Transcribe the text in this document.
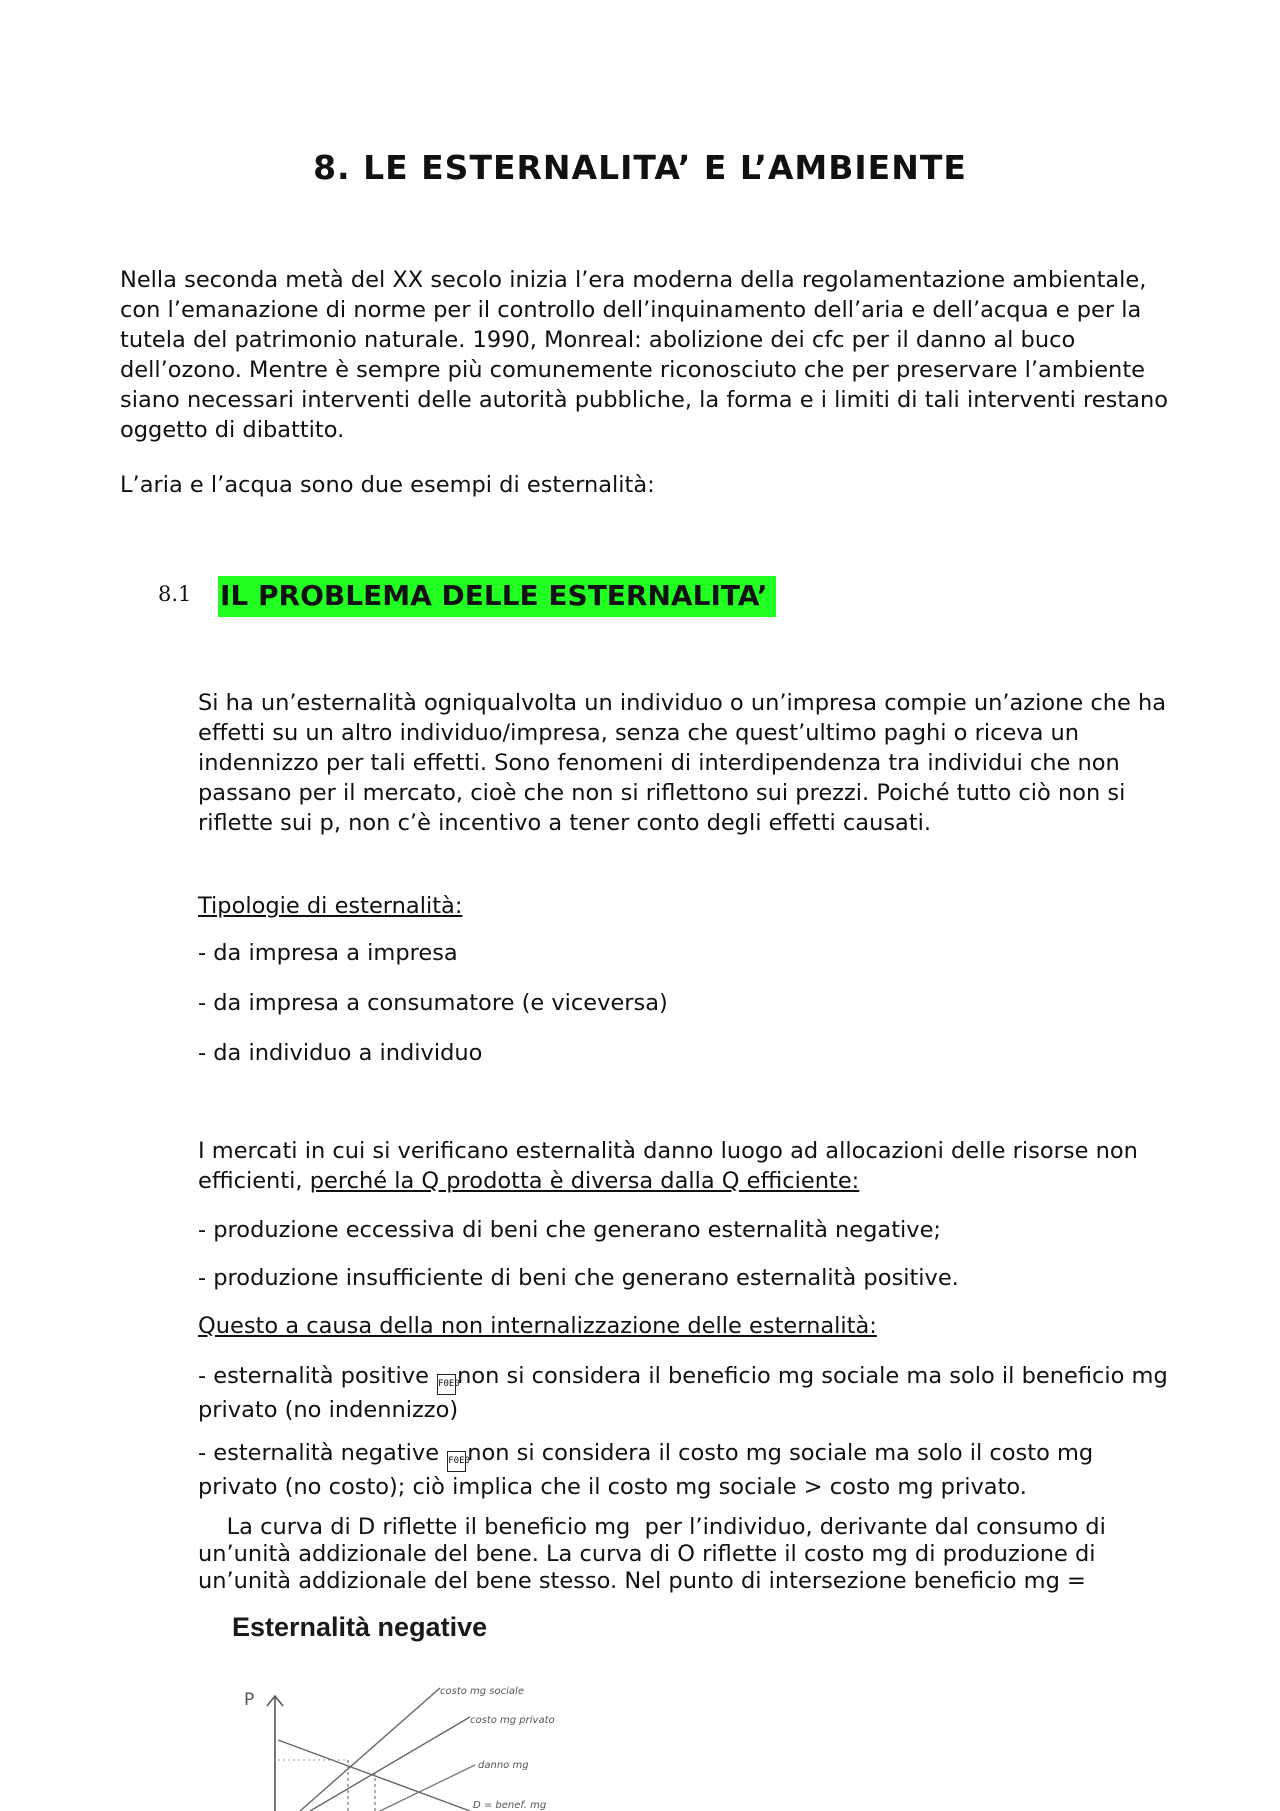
8. LE ESTERNALITA’ E L’AMBIENTE

Nella seconda metà del XX secolo inizia l’era moderna della regolamentazione ambientale, con l’emanazione di norme per il controllo dell’inquinamento dell’aria e dell’acqua e per la tutela del patrimonio naturale. 1990, Monreal: abolizione dei cfc per il danno al buco dell’ozono. Mentre è sempre più comunemente riconosciuto che per preservare l’ambiente siano necessari interventi delle autorità pubbliche, la forma e i limiti di tali interventi restano oggetto di dibattito.

L’aria e l’acqua sono due esempi di esternalità:

8.1 IL PROBLEMA DELLE ESTERNALITA’
Si ha un’esternalità ogniqualvolta un individuo o un’impresa compie un’azione che ha effetti su un altro individuo/impresa, senza che quest’ultimo paghi o riceva un indennizzo per tali effetti. Sono fenomeni di interdipendenza tra individui che non passano per il mercato, cioè che non si riflettono sui prezzi. Poiché tutto ciò non si riflette sui p, non c’è incentivo a tener conto degli effetti causati.
Tipologie di esternalità:
- da impresa a impresa
- da impresa a consumatore (e viceversa)
- da individuo a individuo
I mercati in cui si verificano esternalità danno luogo ad allocazioni delle risorse non efficienti, perché la Q prodotta è diversa dalla Q efficiente:
- produzione eccessiva di beni che generano esternalità negative;
- produzione insufficiente di beni che generano esternalità positive.
Questo a causa della non internalizzazione delle esternalità:
- esternalità positive F0E0non si considera il beneficio mg sociale ma solo il beneficio mg privato (no indennizzo)
- esternalità negative F0E0non si considera il costo mg sociale ma solo il costo mg privato (no costo); ciò implica che il costo mg sociale > costo mg privato.
La curva di D riflette il beneficio mg  per l’individuo, derivante dal consumo di un’unità addizionale del bene. La curva di O riflette il costo mg di produzione di un’unità addizionale del bene stesso. Nel punto di intersezione beneficio mg =
Esternalità negative
P	costo mg sociale
costo mg privato
danno mg
D = benef. mg
